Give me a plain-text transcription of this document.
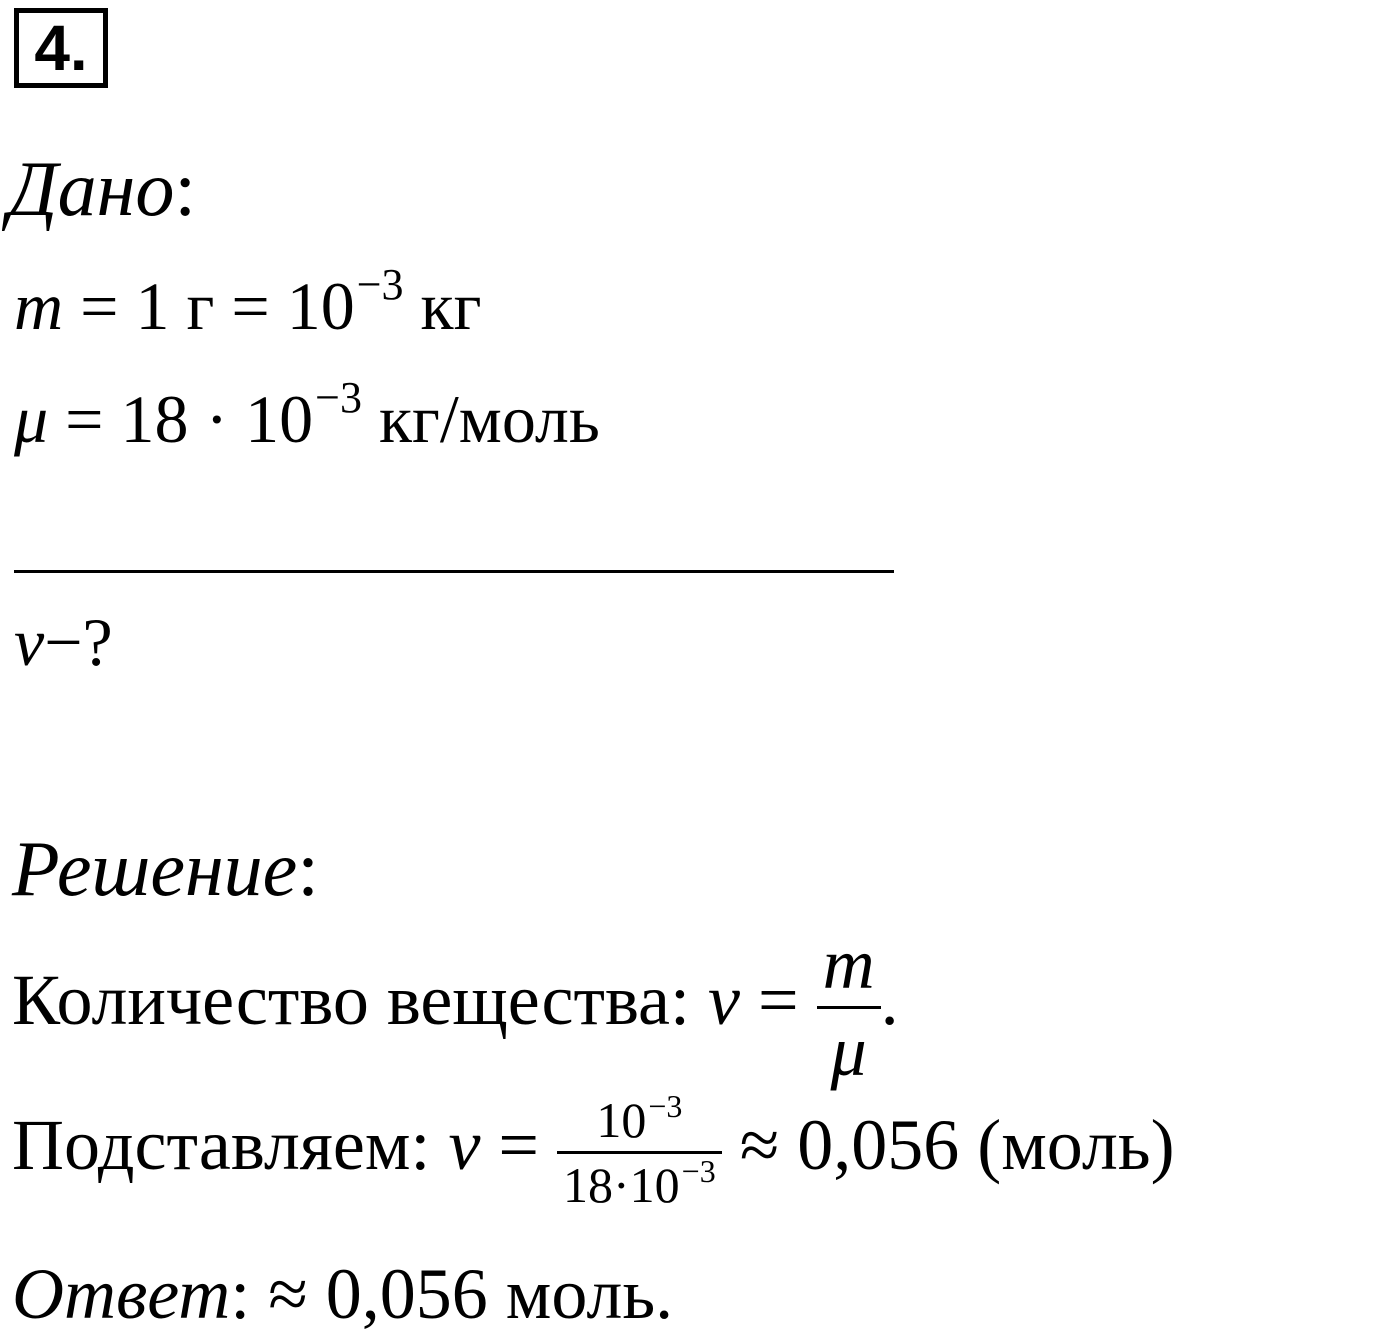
4.
Дано:
m = 1 $г = 10^{-3}$ кг
$\mu = 18 \cdot 10^{-3}$ кг/моль
ν−?
Решение:
Количество вещества: $\nu = \frac{m}{\mu}$ .
Подставляем: $\nu = \frac{10^{-3}}{18\cdot 10^{-3}} \approx 0,056$ (моль)
Ответ: ≈ 0,056 моль.
